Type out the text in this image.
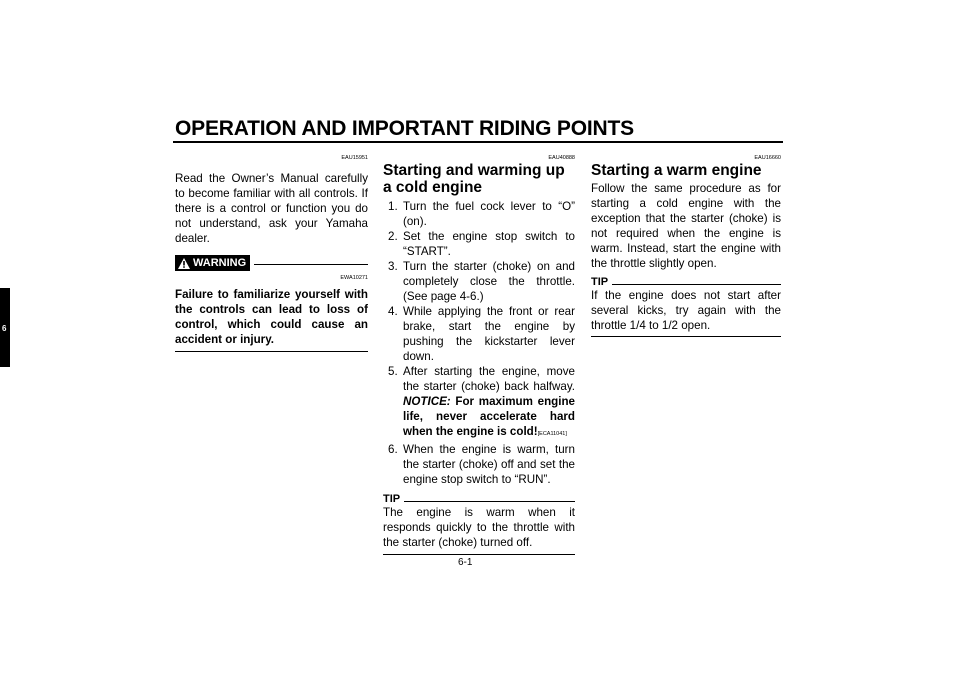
OPERATION AND IMPORTANT RIDING POINTS
6
EAU15951
Read the Owner’s Manual carefully to become familiar with all controls. If there is a control or function you do not understand, ask your Yamaha dealer.
WARNING
EWA10271
Failure to familiarize yourself with the controls can lead to loss of control, which could cause an accident or injury.
EAU40888
Starting and warming up a cold engine
1. Turn the fuel cock lever to “O” (on).
2. Set the engine stop switch to “START”.
3. Turn the starter (choke) on and completely close the throttle. (See page 4-6.)
4. While applying the front or rear brake, start the engine by pushing the kickstarter lever down.
5. After starting the engine, move the starter (choke) back halfway. NOTICE: For maximum engine life, never accelerate hard when the engine is cold![ECA11041]
6. When the engine is warm, turn the starter (choke) off and set the engine stop switch to “RUN”.
TIP
The engine is warm when it responds quickly to the throttle with the starter (choke) turned off.
EAU16660
Starting a warm engine
Follow the same procedure as for starting a cold engine with the exception that the starter (choke) is not required when the engine is warm. Instead, start the engine with the throttle slightly open.
TIP
If the engine does not start after several kicks, try again with the throttle 1/4 to 1/2 open.
6-1
